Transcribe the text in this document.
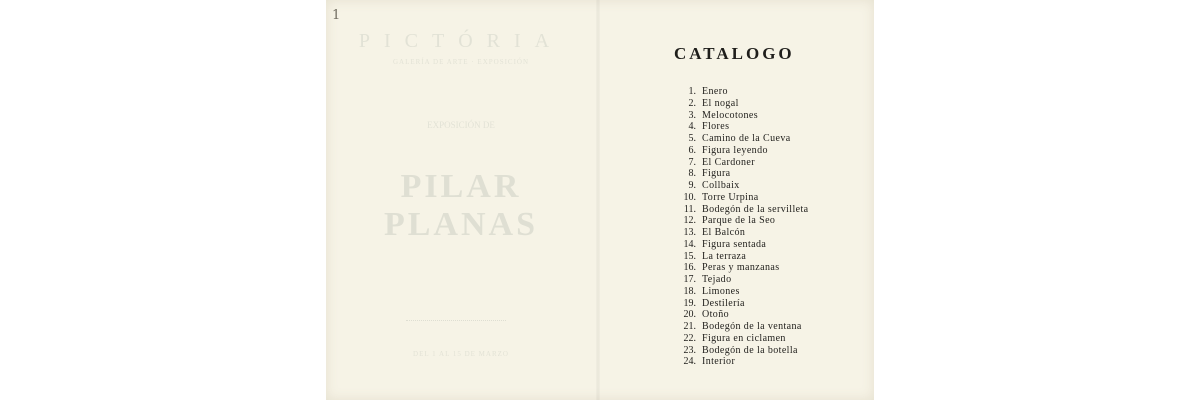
1
PICTÓRIA
GALERÍA DE ARTE · EXPOSICIÓN
EXPOSICIÓN DE
PILAR PLANAS
DEL 1 AL 15 DE MARZO
CATALOGO
1. Enero
2. El nogal
3. Melocotones
4. Flores
5. Camino de la Cueva
6. Figura leyendo
7. El Cardoner
8. Figura
9. Collbaix
10. Torre Urpina
11. Bodegón de la servilleta
12. Parque de la Seo
13. El Balcón
14. Figura sentada
15. La terraza
16. Peras y manzanas
17. Tejado
18. Limones
19. Destilería
20. Otoño
21. Bodegón de la ventana
22. Figura en ciclamen
23. Bodegón de la botella
24. Interior
